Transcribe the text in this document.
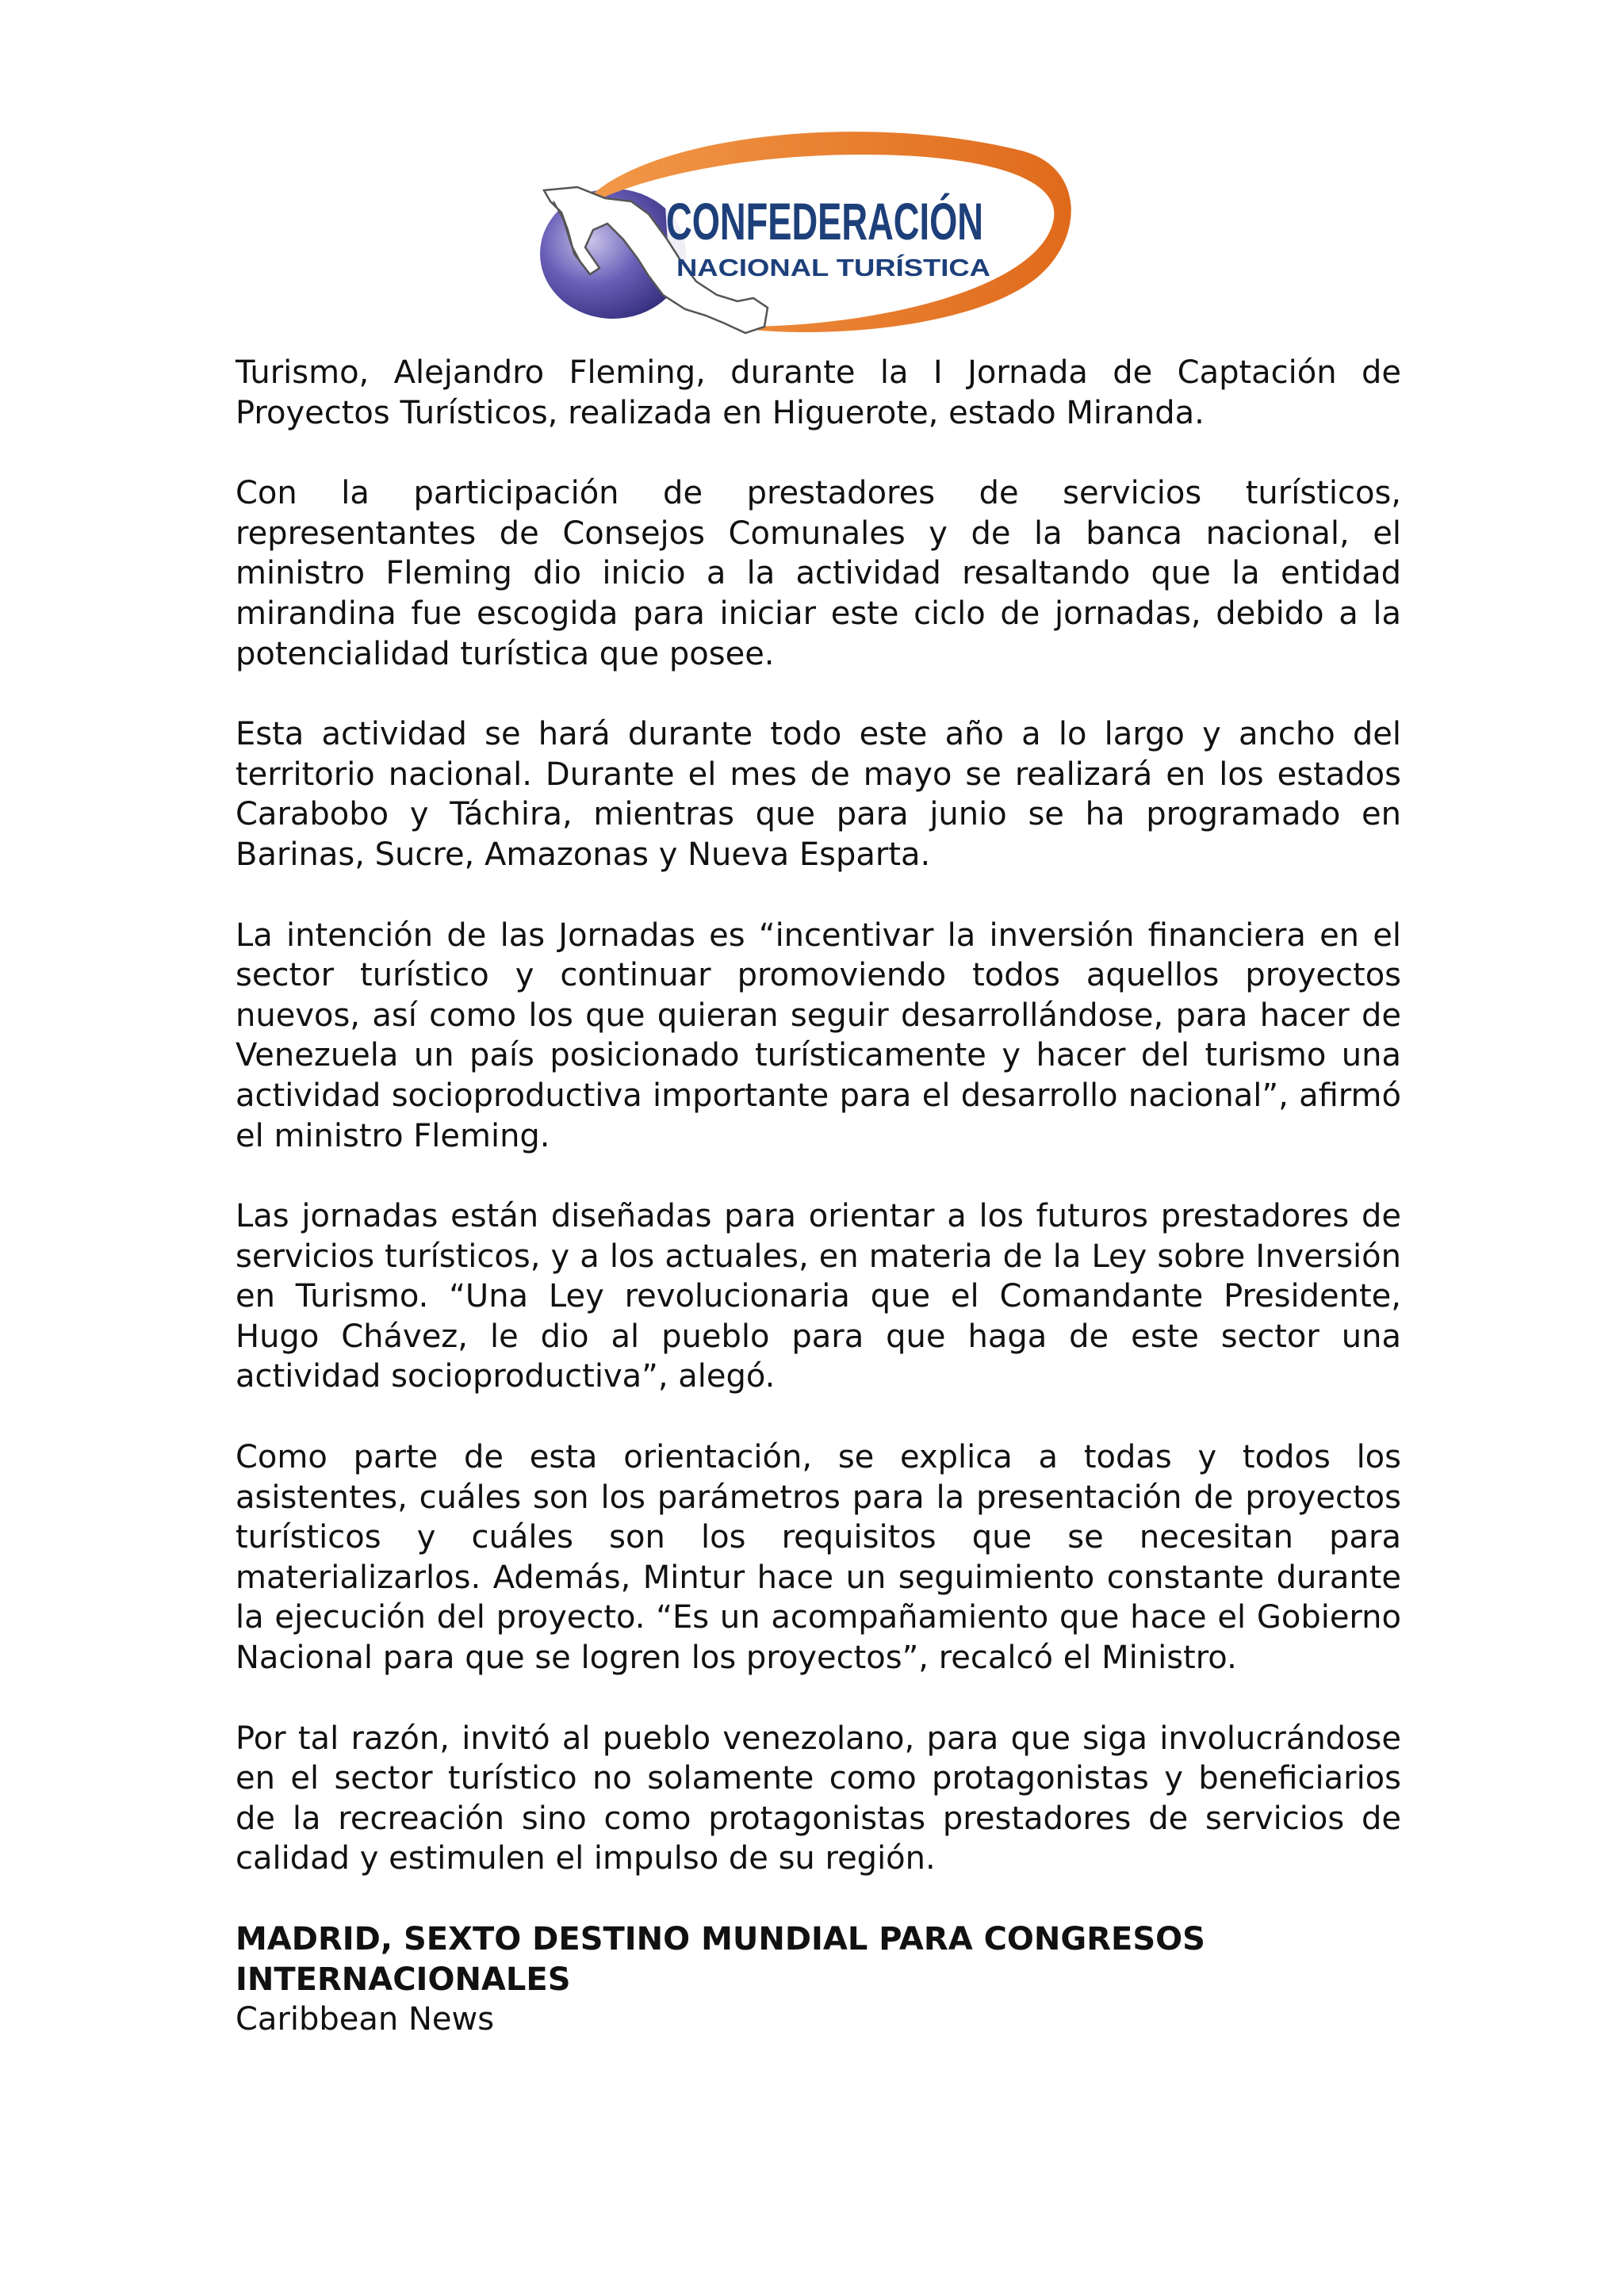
CONFEDERACIÓN
NACIONAL TURÍSTICA

Turismo, Alejandro Fleming, durante la I Jornada de Captación de Proyectos Turísticos, realizada en Higuerote, estado Miranda.

Con la participación de prestadores de servicios turísticos, representantes de Consejos Comunales y de la banca nacional, el ministro Fleming dio inicio a la actividad resaltando que la entidad mirandina fue escogida para iniciar este ciclo de jornadas, debido a la potencialidad turística que posee.

Esta actividad se hará durante todo este año a lo largo y ancho del territorio nacional. Durante el mes de mayo se realizará en los estados Carabobo y Táchira, mientras que para junio se ha programado en Barinas, Sucre, Amazonas y Nueva Esparta.

La intención de las Jornadas es “incentivar la inversión financiera en el sector turístico y continuar promoviendo todos aquellos proyectos nuevos, así como los que quieran seguir desarrollándose, para hacer de Venezuela un país posicionado turísticamente y hacer del turismo una actividad socioproductiva importante para el desarrollo nacional”, afirmó el ministro Fleming.

Las jornadas están diseñadas para orientar a los futuros prestadores de servicios turísticos, y a los actuales, en materia de la Ley sobre Inversión en Turismo. “Una Ley revolucionaria que el Comandante Presidente, Hugo Chávez, le dio al pueblo para que haga de este sector una actividad socioproductiva”, alegó.

Como parte de esta orientación, se explica a todas y todos los asistentes, cuáles son los parámetros para la presentación de proyectos turísticos y cuáles son los requisitos que se necesitan para materializarlos. Además, Mintur hace un seguimiento constante durante la ejecución del proyecto. “Es un acompañamiento que hace el Gobierno Nacional para que se logren los proyectos”, recalcó el Ministro.

Por tal razón, invitó al pueblo venezolano, para que siga involucrándose en el sector turístico no solamente como protagonistas y beneficiarios de la recreación sino como protagonistas prestadores de servicios de calidad y estimulen el impulso de su región.

MADRID, SEXTO DESTINO MUNDIAL PARA CONGRESOS INTERNACIONALES

Caribbean News
